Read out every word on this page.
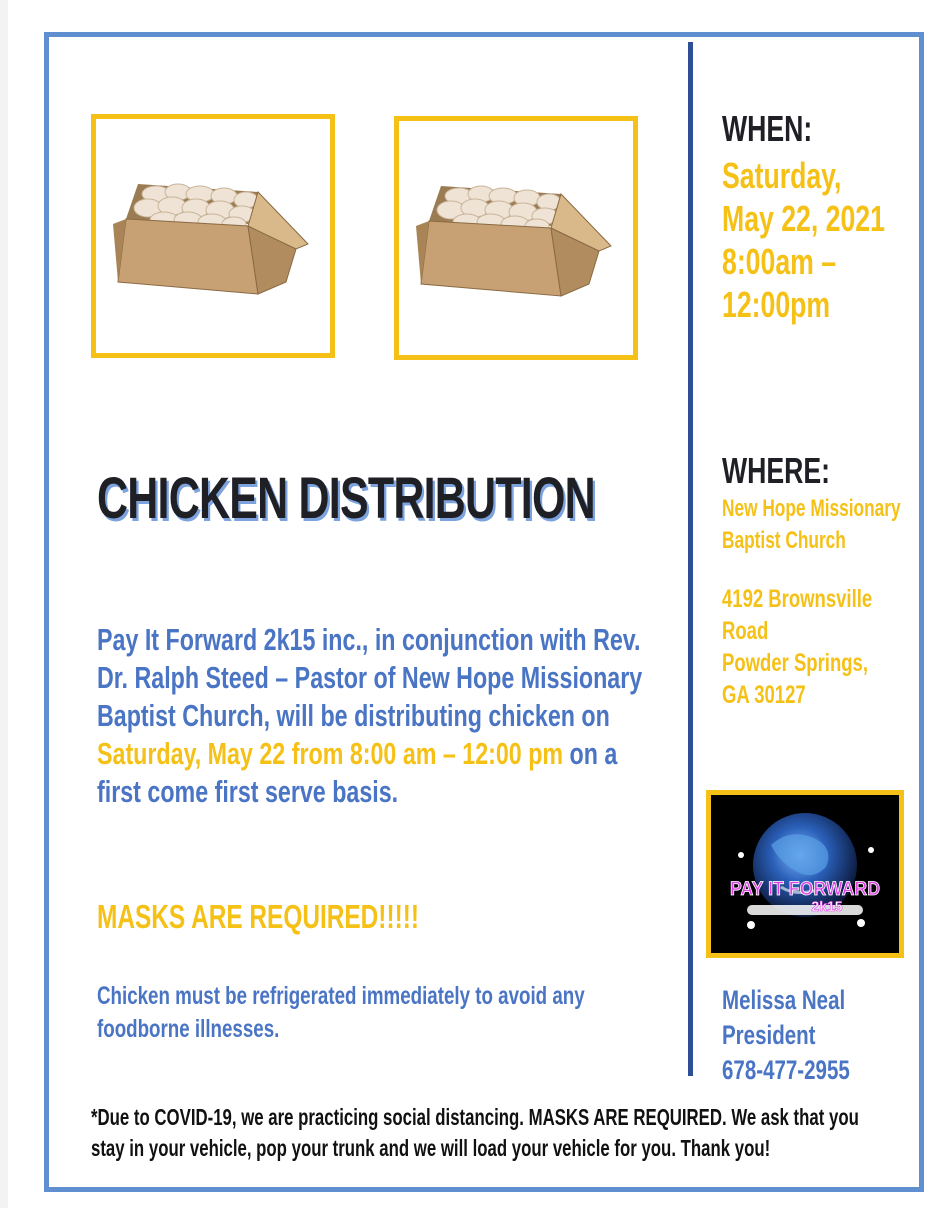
CHICKEN DISTRIBUTION
Pay It Forward 2k15 inc., in conjunction with Rev. Dr. Ralph Steed – Pastor of New Hope Missionary Baptist Church, will be distributing chicken on Saturday, May 22 from 8:00 am – 12:00 pm on a first come first serve basis.
MASKS ARE REQUIRED!!!!!
Chicken must be refrigerated immediately to avoid any foodborne illnesses.
WHEN:
Saturday,
May 22, 2021
8:00am –
12:00pm
WHERE:
New Hope Missionary
Baptist Church
4192 Brownsville
Road
Powder Springs,
GA 30127
PAY IT FORWARD
2k15
Melissa Neal
President
678-477-2955
*Due to COVID-19, we are practicing social distancing. MASKS ARE REQUIRED. We ask that you stay in your vehicle, pop your trunk and we will load your vehicle for you. Thank you!
